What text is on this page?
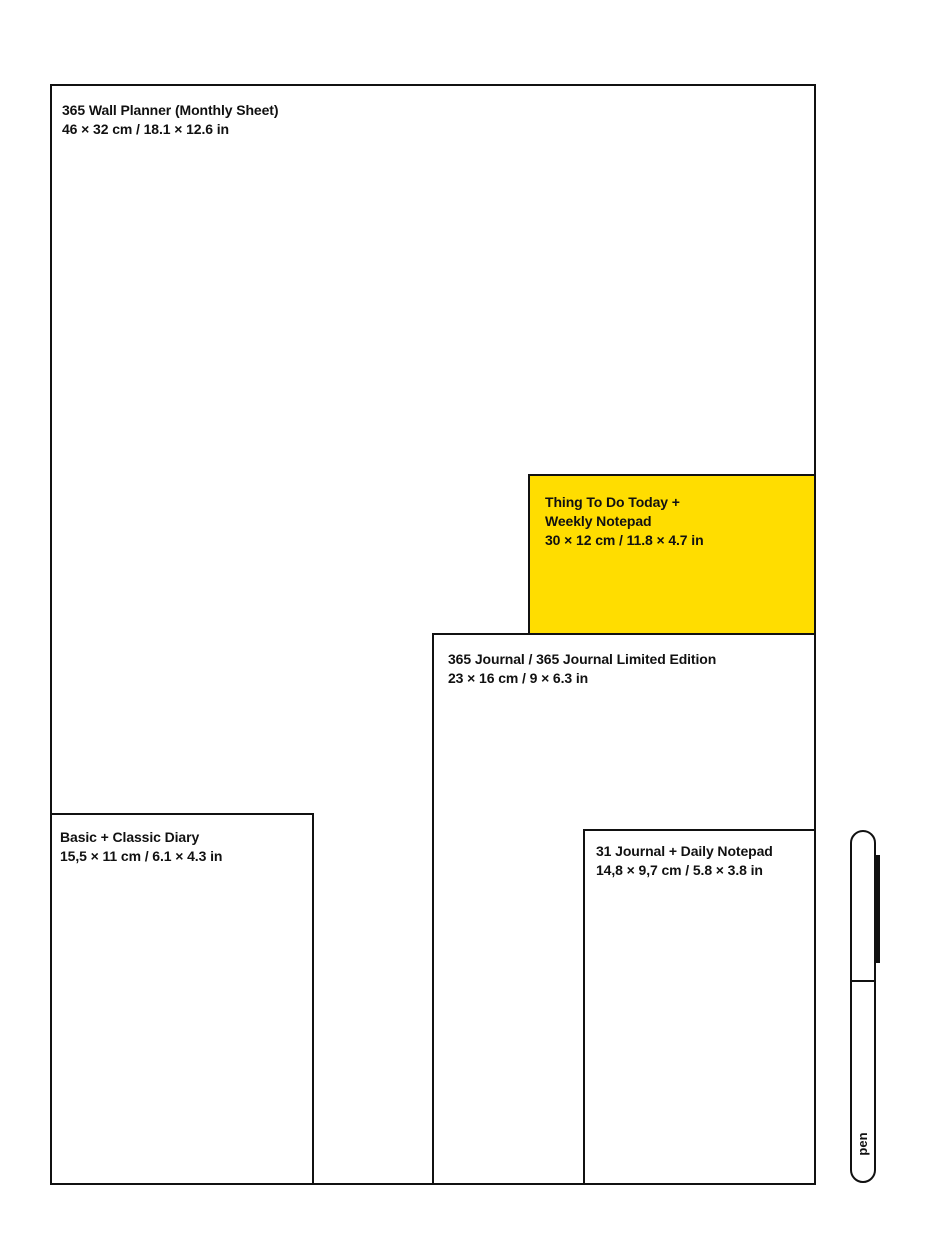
365 Wall Planner (Monthly Sheet)
46 × 32 cm / 18.1 × 12.6 in
Thing To Do Today +
Weekly Notepad
30 × 12 cm / 11.8 × 4.7 in
365 Journal / 365 Journal Limited Edition
23 × 16 cm / 9 × 6.3 in
Basic + Classic Diary
15,5 × 11 cm / 6.1 × 4.3 in	31 Journal + Daily Notepad
14,8 × 9,7 cm / 5.8 × 3.8 in
pen
